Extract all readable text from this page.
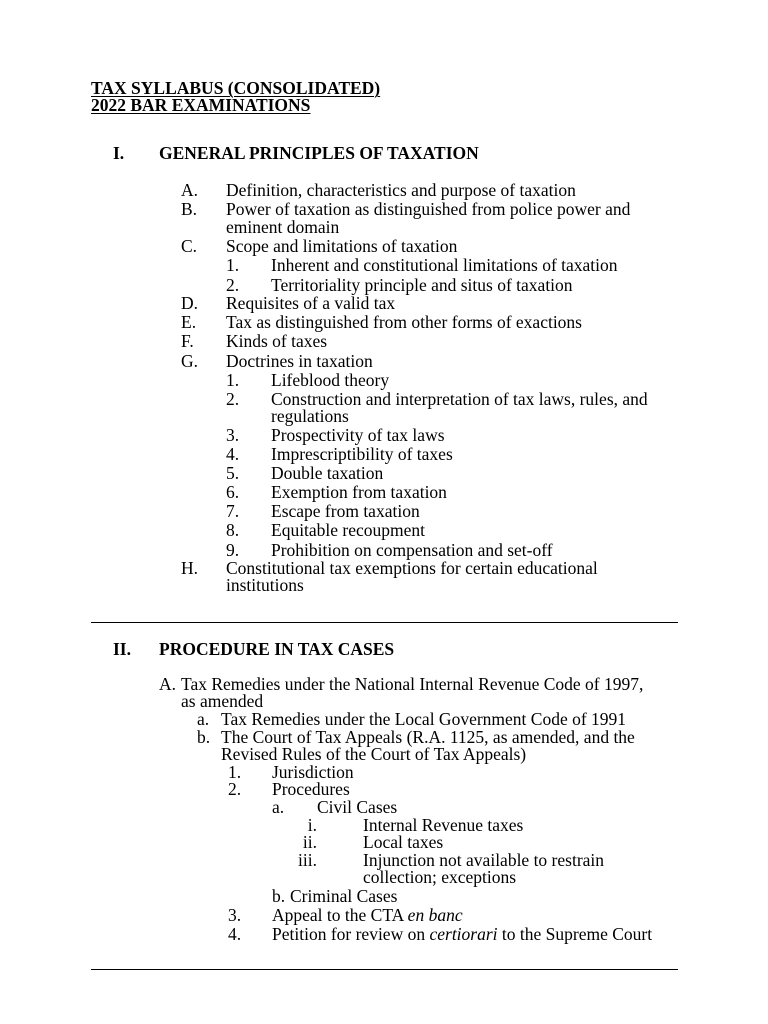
TAX SYLLABUS (CONSOLIDATED)
2022 BAR EXAMINATIONS
I. GENERAL PRINCIPLES OF TAXATION
A. Definition, characteristics and purpose of taxation
B. Power of taxation as distinguished from police power and
eminent domain
C. Scope and limitations of taxation
1. Inherent and constitutional limitations of taxation
2. Territoriality principle and situs of taxation
D. Requisites of a valid tax
E. Tax as distinguished from other forms of exactions
F. Kinds of taxes
G. Doctrines in taxation
1. Lifeblood theory
2. Construction and interpretation of tax laws, rules, and
regulations
3. Prospectivity of tax laws
4. Imprescriptibility of taxes
5. Double taxation
6. Exemption from taxation
7. Escape from taxation
8. Equitable recoupment
9. Prohibition on compensation and set-off
H. Constitutional tax exemptions for certain educational
institutions
II. PROCEDURE IN TAX CASES
A. Tax Remedies under the National Internal Revenue Code of 1997,
as amended
a. Tax Remedies under the Local Government Code of 1991
b. The Court of Tax Appeals (R.A. 1125, as amended, and the
Revised Rules of the Court of Tax Appeals)
1. Jurisdiction
2. Procedures
a. Civil Cases
i.	Internal Revenue taxes
ii.	Local taxes
iii.	Injunction not available to restrain
collection; exceptions
b. Criminal Cases
3. Appeal to the CTA en banc
4. Petition for review on certiorari to the Supreme Court
